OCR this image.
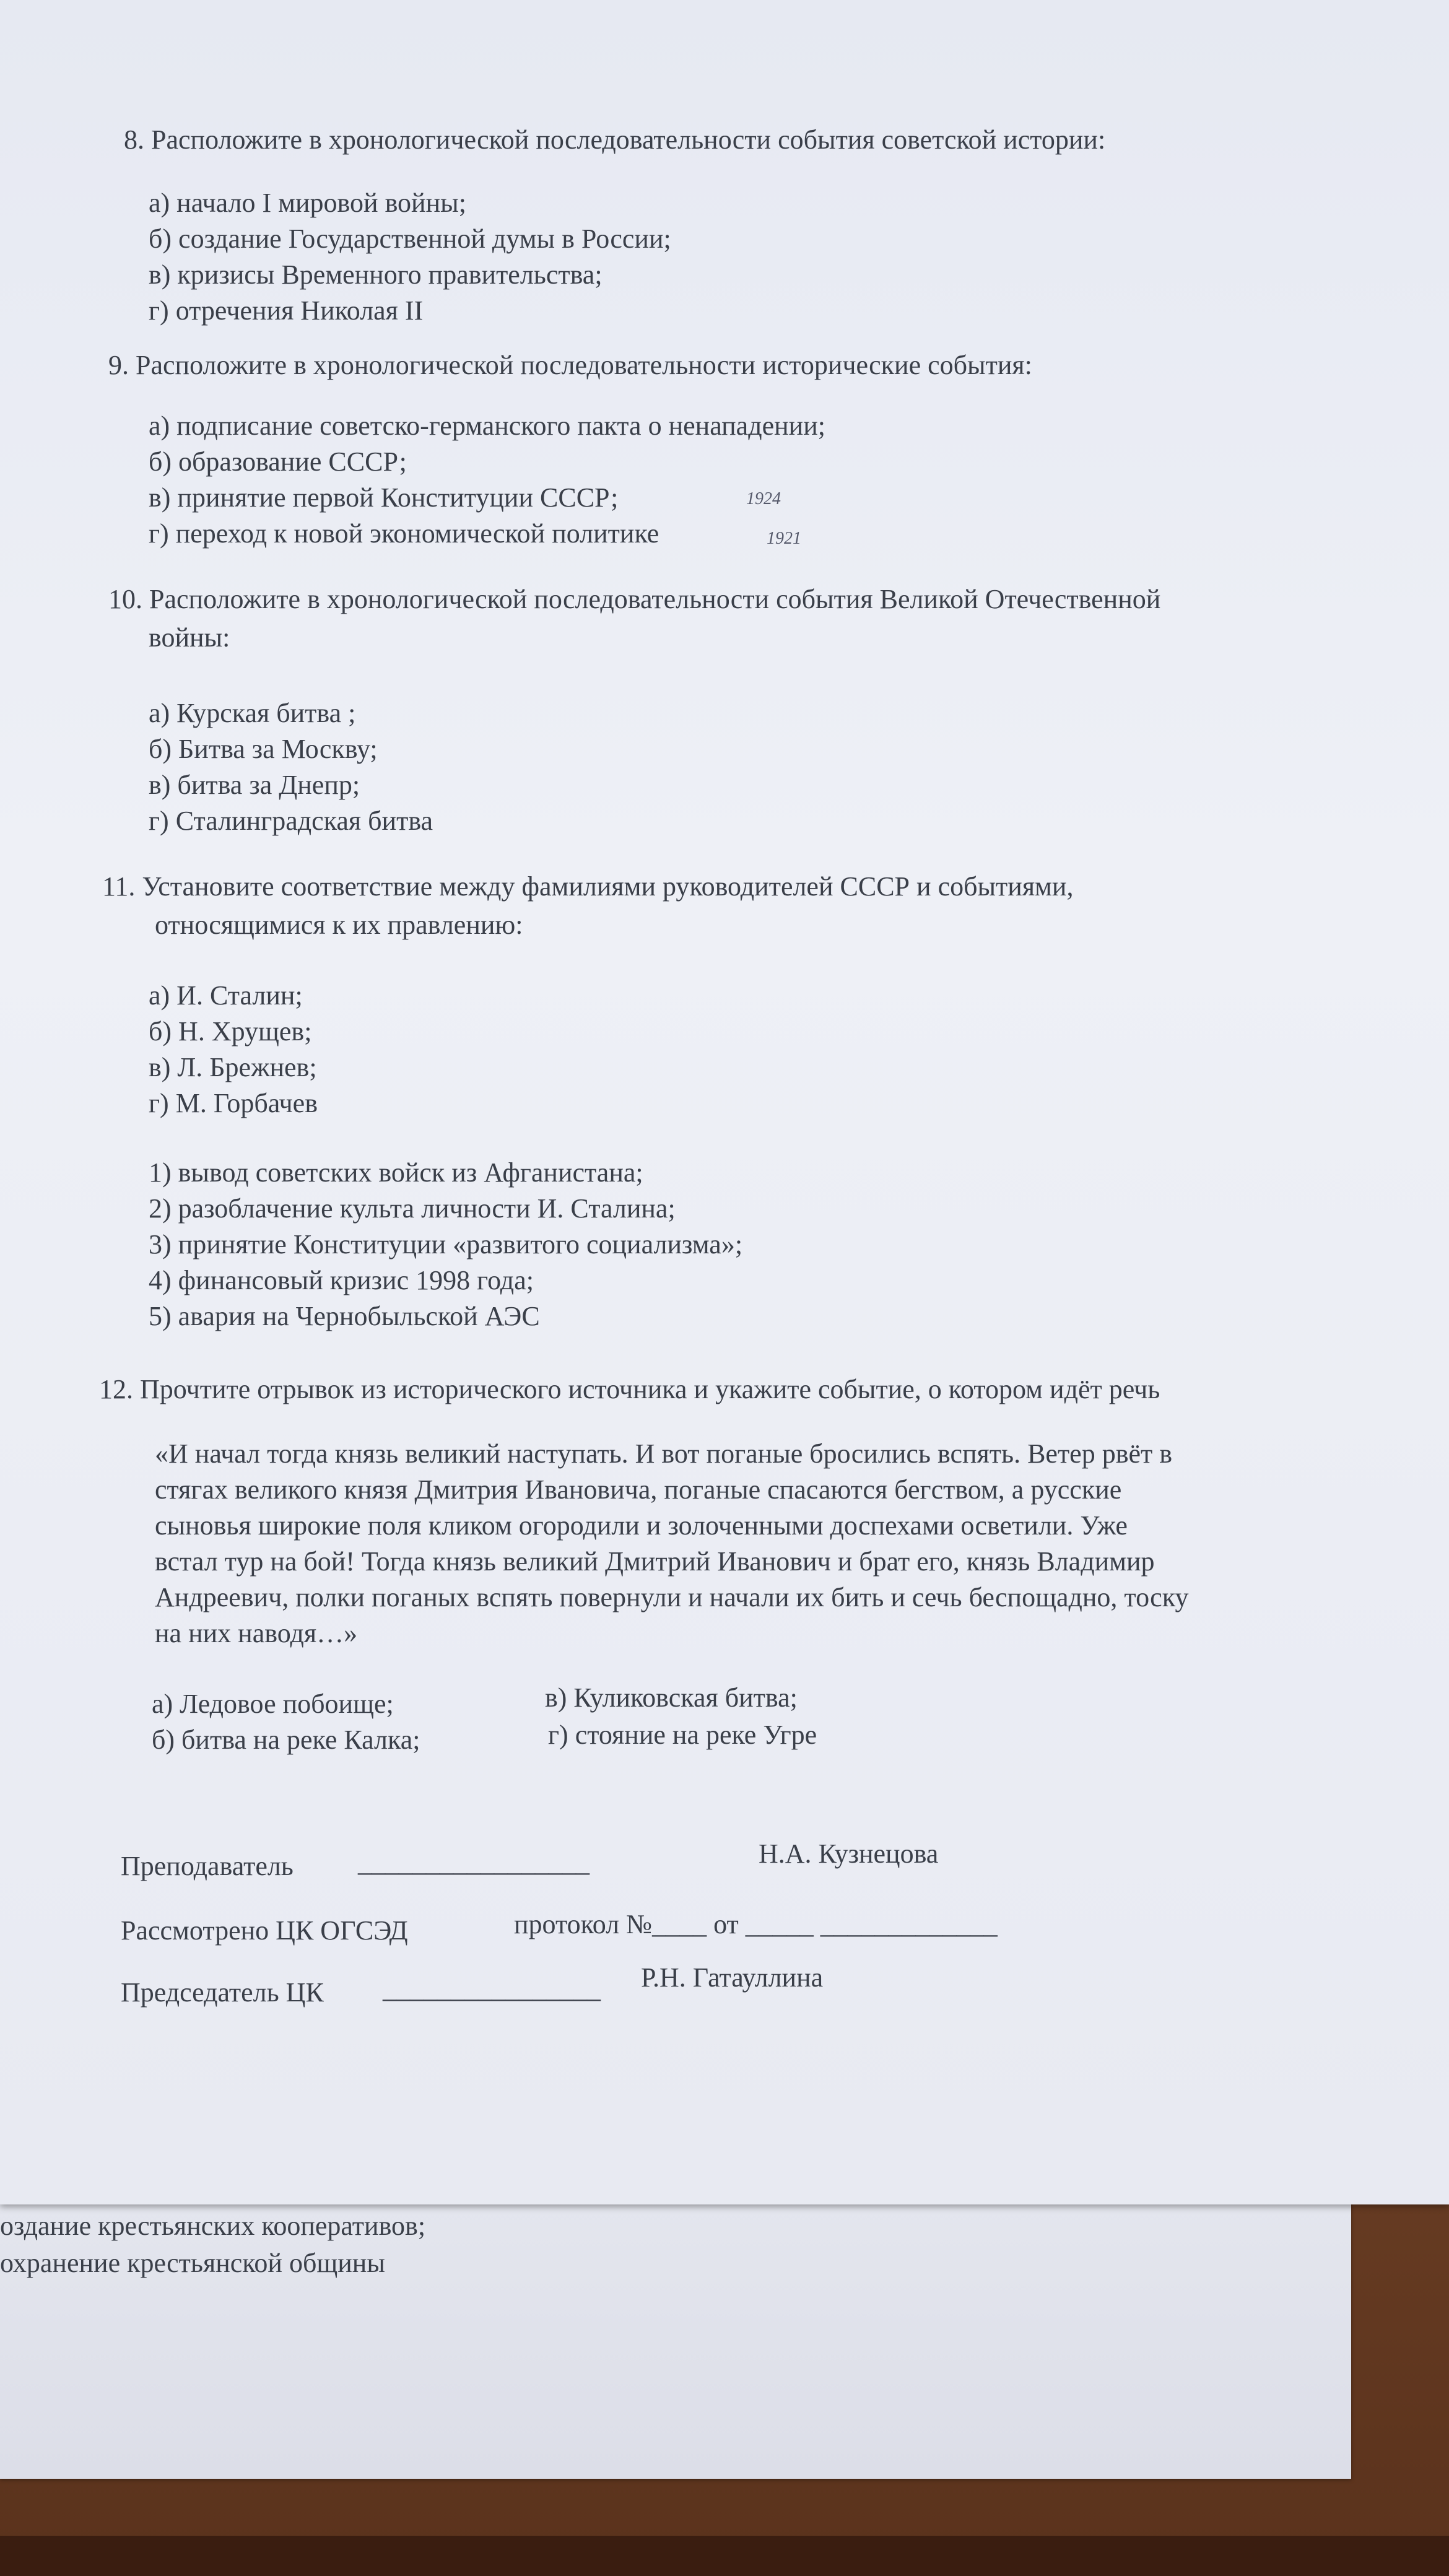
оздание крестьянских кооперативов;
охранение крестьянской общины
8. Расположите в хронологической последовательности события советской истории:
а) начало I мировой войны;
б) создание Государственной думы в России;
в) кризисы Временного правительства;
г) отречения Николая II
9. Расположите в хронологической последовательности исторические события:
а) подписание советско-германского пакта о ненападении;
б) образование СССР;
в) принятие первой Конституции СССР;	1924
г) переход к новой экономической политике	1921
10. Расположите в хронологической последовательности события Великой Отечественной
войны:
а) Курская битва ;
б) Битва за Москву;
в) битва за Днепр;
г) Сталинградская битва
11. Установите соответствие между фамилиями руководителей СССР и событиями,
относящимися к их правлению:
а) И. Сталин;
б) Н. Хрущев;
в) Л. Брежнев;
г) М. Горбачев
1) вывод советских войск из Афганистана;
2) разоблачение культа личности И. Сталина;
3) принятие Конституции «развитого социализма»;
4) финансовый кризис 1998 года;
5) авария на Чернобыльской АЭС
12. Прочтите отрывок из исторического источника и укажите событие, о котором идёт речь
«И начал тогда князь великий наступать. И вот поганые бросились вспять. Ветер рвёт в
стягах великого князя Дмитрия Ивановича, поганые спасаются бегством, а русские
сыновья широкие поля кликом огородили и золоченными доспехами осветили. Уже
встал тур на бой! Тогда князь великий Дмитрий Иванович и брат его, князь Владимир
Андреевич, полки поганых вспять повернули и начали их бить и сечь беспощадно, тоску
на них наводя…»
а) Ледовое побоище;	в) Куликовская битва;
б) битва на реке Калка;	г) стояние на реке Угре
Преподаватель _________________	Н.А. Кузнецова
Рассмотрено ЦК ОГСЭД	протокол №____ от _____ _____________
Председатель ЦК ________________ Р.Н. Гатауллина
